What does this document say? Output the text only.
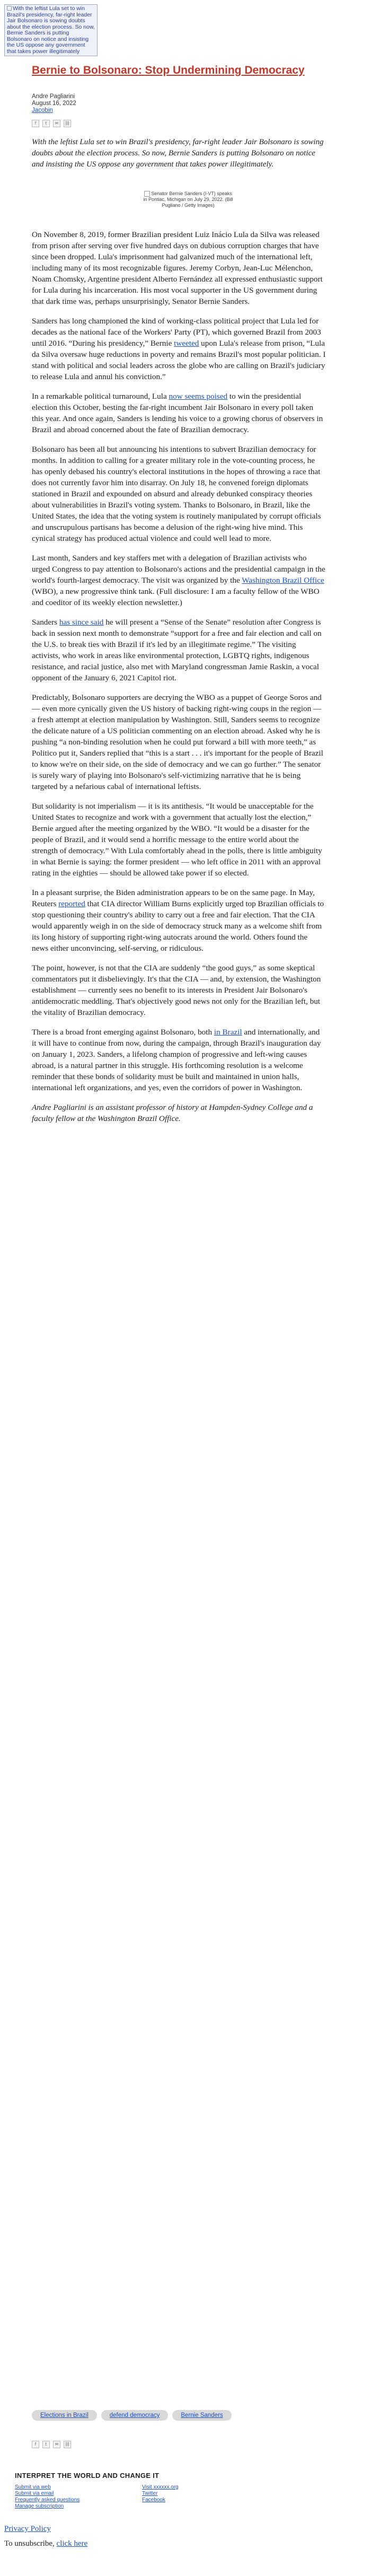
With the leftist Lula set to win Brazil's presidency, far-right leader Jair Bolsonaro is sowing doubts about the election process. So now, Bernie Sanders is putting Bolsonaro on notice and insisting the US oppose any government that takes power illegitimately
Bernie to Bolsonaro: Stop Undermining Democracy
Andre Pagliarini
August 16, 2022
Jacobin
f	t	✉	⛓

With the leftist Lula set to win Brazil's presidency, far-right leader Jair Bolsonaro is sowing doubts about the election process. So now, Bernie Sanders is putting Bolsonaro on notice and insisting the US oppose any government that takes power illegitimately.

Senator Bernie Sanders (I-VT) speaks in Pontiac, Michigan on July 29, 2022. (Bill Pugliano / Getty Images)

On November 8, 2019, former Brazilian president Luiz Inácio Lula da Silva was released from prison after serving over five hundred days on dubious corruption charges that have since been dropped. Lula's imprisonment had galvanized much of the international left, including many of its most recognizable figures. Jeremy Corbyn, Jean-Luc Mélenchon, Noam Chomsky, Argentine president Alberto Fernández all expressed enthusiastic support for Lula during his incarceration. His most vocal supporter in the US government during that dark time was, perhaps unsurprisingly, Senator Bernie Sanders.

Sanders has long championed the kind of working-class political project that Lula led for decades as the national face of the Workers' Party (PT), which governed Brazil from 2003 until 2016. “During his presidency,” Bernie tweeted upon Lula's release from prison, “Lula da Silva oversaw huge reductions in poverty and remains Brazil's most popular politician. I stand with political and social leaders across the globe who are calling on Brazil's judiciary to release Lula and annul his conviction.”

In a remarkable political turnaround, Lula now seems poised to win the presidential election this October, besting the far-right incumbent Jair Bolsonaro in every poll taken this year. And once again, Sanders is lending his voice to a growing chorus of observers in Brazil and abroad concerned about the fate of Brazilian democracy.

Bolsonaro has been all but announcing his intentions to subvert Brazilian democracy for months. In addition to calling for a greater military role in the vote-counting process, he has openly debased his country's electoral institutions in the hopes of throwing a race that does not currently favor him into disarray. On July 18, he convened foreign diplomats stationed in Brazil and expounded on absurd and already debunked conspiracy theories about vulnerabilities in Brazil's voting system. Thanks to Bolsonaro, in Brazil, like the United States, the idea that the voting system is routinely manipulated by corrupt officials and unscrupulous partisans has become a delusion of the right-wing hive mind. This cynical strategy has produced actual violence and could well lead to more.

Last month, Sanders and key staffers met with a delegation of Brazilian activists who urged Congress to pay attention to Bolsonaro's actions and the presidential campaign in the world's fourth-largest democracy. The visit was organized by the Washington Brazil Office (WBO), a new progressive think tank. (Full disclosure: I am a faculty fellow of the WBO and coeditor of its weekly election newsletter.)

Sanders has since said he will present a “Sense of the Senate” resolution after Congress is back in session next month to demonstrate “support for a free and fair election and call on the U.S. to break ties with Brazil if it's led by an illegitimate regime.” The visiting activists, who work in areas like environmental protection, LGBTQ rights, indigenous resistance, and racial justice, also met with Maryland congressman Jamie Raskin, a vocal opponent of the January 6, 2021 Capitol riot.

Predictably, Bolsonaro supporters are decrying the WBO as a puppet of George Soros and — even more cynically given the US history of backing right-wing coups in the region — a fresh attempt at election manipulation by Washington. Still, Sanders seems to recognize the delicate nature of a US politician commenting on an election abroad. Asked why he is pushing “a non-binding resolution when he could put forward a bill with more teeth,” as Politico put it, Sanders replied that “this is a start . . . it's important for the people of Brazil to know we're on their side, on the side of democracy and we can go further.” The senator is surely wary of playing into Bolsonaro's self-victimizing narrative that he is being targeted by a nefarious cabal of international leftists.

But solidarity is not imperialism — it is its antithesis. “It would be unacceptable for the United States to recognize and work with a government that actually lost the election,” Bernie argued after the meeting organized by the WBO. “It would be a disaster for the people of Brazil, and it would send a horrific message to the entire world about the strength of democracy.” With Lula comfortably ahead in the polls, there is little ambiguity in what Bernie is saying: the former president — who left office in 2011 with an approval rating in the eighties — should be allowed take power if so elected.

In a pleasant surprise, the Biden administration appears to be on the same page. In May, Reuters reported that CIA director William Burns explicitly urged top Brazilian officials to stop questioning their country's ability to carry out a free and fair election. That the CIA would apparently weigh in on the side of democracy struck many as a welcome shift from its long history of supporting right-wing autocrats around the world. Others found the news either unconvincing, self-serving, or ridiculous.

The point, however, is not that the CIA are suddenly “the good guys,” as some skeptical commentators put it disbelievingly. It's that the CIA — and, by extension, the Washington establishment — currently sees no benefit to its interests in President Jair Bolsonaro's antidemocratic meddling. That's objectively good news not only for the Brazilian left, but the vitality of Brazilian democracy.

There is a broad front emerging against Bolsonaro, both in Brazil and internationally, and it will have to continue from now, during the campaign, through Brazil's inauguration day on January 1, 2023. Sanders, a lifelong champion of progressive and left-wing causes abroad, is a natural partner in this struggle. His forthcoming resolution is a welcome reminder that these bonds of solidarity must be built and maintained in union halls, international left organizations, and yes, even the corridors of power in Washington.

Andre Pagliarini is an assistant professor of history at Hampden-Sydney College and a faculty fellow at the Washington Brazil Office.

Elections in Brazil	defend democracy	Bernie Sanders
f	t	✉	⛓
INTERPRET THE WORLD AND CHANGE IT
Submit via web
Submit via email
Frequently asked questions
Manage subscription
Visit xxxxxx.org
Twitter
Facebook
Privacy Policy
To unsubscribe, click here
